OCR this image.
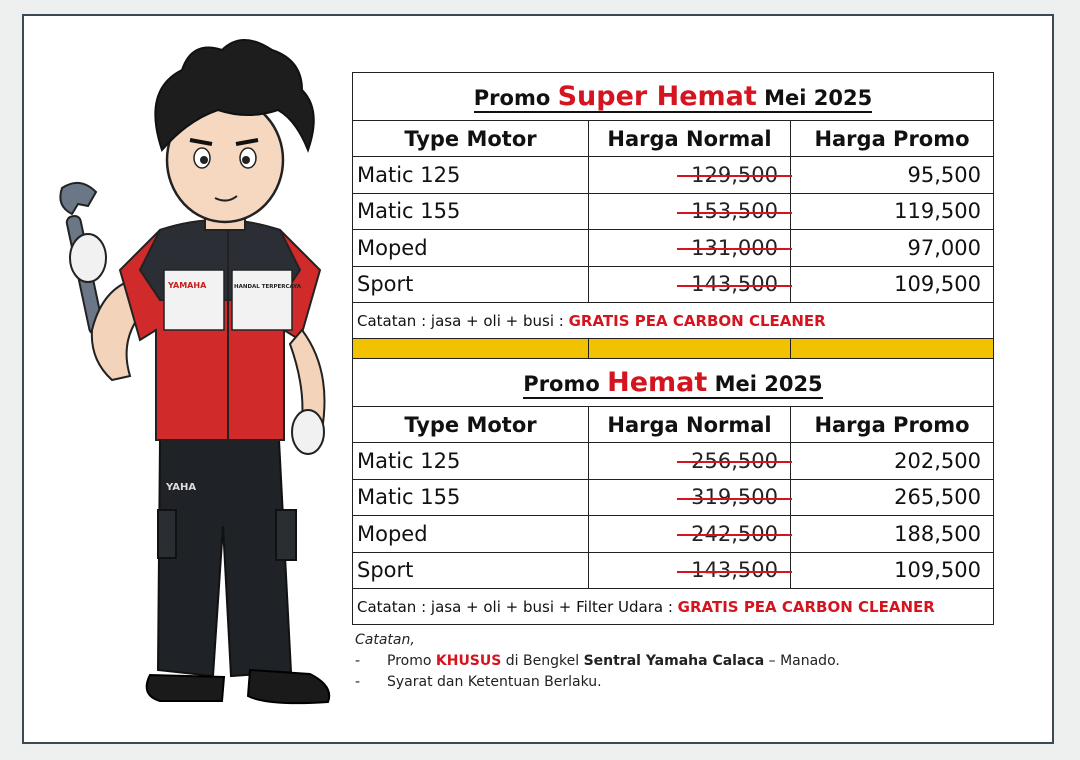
YAHA
YAMAHA	HANDAL TERPERCAYA
Promo Super Hemat Mei 2025		
Type Motor	Harga Normal	Harga Promo
Matic 125	129,500	95,500
Matic 155	153,500	119,500
Moped	131,000	97,000
Sport	143,500	109,500
Catatan : jasa + oli + busi : GRATIS PEA CARBON CLEANER		

Promo Hemat Mei 2025		
Type Motor	Harga Normal	Harga Promo
Matic 125	256,500	202,500
Matic 155	319,500	265,500
Moped	242,500	188,500
Sport	143,500	109,500
Catatan : jasa + oli + busi + Filter Udara : GRATIS PEA CARBON CLEANER		
Catatan,
-	Promo KHUSUS di Bengkel Sentral Yamaha Calaca – Manado.
-	Syarat dan Ketentuan Berlaku.
